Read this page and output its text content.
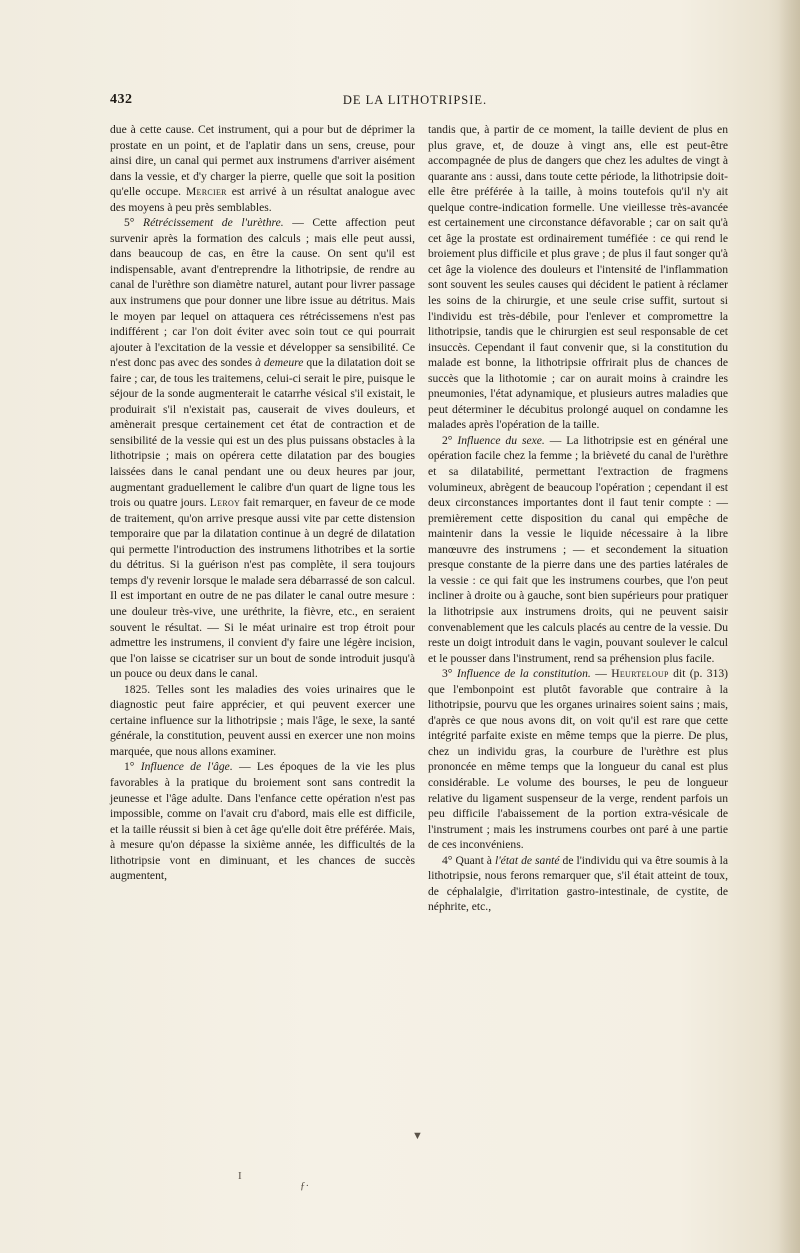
432	DE LA LITHOTRIPSIE.

due à cette cause. Cet instrument, qui a pour but de déprimer la prostate en un point, et de l'aplatir dans un sens, creuse, pour ainsi dire, un canal qui permet aux instrumens d'arriver aisément dans la vessie, et d'y charger la pierre, quelle que soit la position qu'elle occupe. Mercier est arrivé à un résultat analogue avec des moyens à peu près semblables.

5° Rétrécissement de l'urèthre. — Cette affection peut survenir après la formation des calculs ; mais elle peut aussi, dans beaucoup de cas, en être la cause. On sent qu'il est indispensable, avant d'entreprendre la lithotripsie, de rendre au canal de l'urèthre son diamètre naturel, autant pour livrer passage aux instrumens que pour donner une libre issue au détritus. Mais le moyen par lequel on attaquera ces rétrécissemens n'est pas indifférent ; car l'on doit éviter avec soin tout ce qui pourrait ajouter à l'excitation de la vessie et développer sa sensibilité. Ce n'est donc pas avec des sondes à demeure que la dilatation doit se faire ; car, de tous les traitemens, celui-ci serait le pire, puisque le séjour de la sonde augmenterait le catarrhe vésical s'il existait, le produirait s'il n'existait pas, causerait de vives douleurs, et amènerait presque certainement cet état de contraction et de sensibilité de la vessie qui est un des plus puissans obstacles à la lithotripsie ; mais on opérera cette dilatation par des bougies laissées dans le canal pendant une ou deux heures par jour, augmentant graduellement le calibre d'un quart de ligne tous les trois ou quatre jours. Leroy fait remarquer, en faveur de ce mode de traitement, qu'on arrive presque aussi vite par cette distension temporaire que par la dilatation continue à un degré de dilatation qui permette l'introduction des instrumens lithotribes et la sortie du détritus. Si la guérison n'est pas complète, il sera toujours temps d'y revenir lorsque le malade sera débarrassé de son calcul. Il est important en outre de ne pas dilater le canal outre mesure : une douleur très-vive, une uréthrite, la fièvre, etc., en seraient souvent le résultat. — Si le méat urinaire est trop étroit pour admettre les instrumens, il convient d'y faire une légère incision, que l'on laisse se cicatriser sur un bout de sonde introduit jusqu'à un pouce ou deux dans le canal.

1825. Telles sont les maladies des voies urinaires que le diagnostic peut faire apprécier, et qui peuvent exercer une certaine influence sur la lithotripsie ; mais l'âge, le sexe, la santé générale, la constitution, peuvent aussi en exercer une non moins marquée, que nous allons examiner.

1° Influence de l'âge. — Les époques de la vie les plus favorables à la pratique du broiement sont sans contredit la jeunesse et l'âge adulte. Dans l'enfance cette opération n'est pas impossible, comme on l'avait cru d'abord, mais elle est difficile, et la taille réussit si bien à cet âge qu'elle doit être préférée. Mais, à mesure qu'on dépasse la sixième année, les difficultés de la lithotripsie vont en diminuant, et les chances de succès augmentent,

tandis que, à partir de ce moment, la taille devient de plus en plus grave, et, de douze à vingt ans, elle est peut-être accompagnée de plus de dangers que chez les adultes de vingt à quarante ans : aussi, dans toute cette période, la lithotripsie doit-elle être préférée à la taille, à moins toutefois qu'il n'y ait quelque contre-indication formelle. Une vieillesse très-avancée est certainement une circonstance défavorable ; car on sait qu'à cet âge la prostate est ordinairement tuméfiée : ce qui rend le broiement plus difficile et plus grave ; de plus il faut songer qu'à cet âge la violence des douleurs et l'intensité de l'inflammation sont souvent les seules causes qui décident le patient à réclamer les soins de la chirurgie, et une seule crise suffit, surtout si l'individu est très-débile, pour l'enlever et compromettre la lithotripsie, tandis que le chirurgien est seul responsable de cet insuccès. Cependant il faut convenir que, si la constitution du malade est bonne, la lithotripsie offrirait plus de chances de succès que la lithotomie ; car on aurait moins à craindre les pneumonies, l'état adynamique, et plusieurs autres maladies que peut déterminer le décubitus prolongé auquel on condamne les malades après l'opération de la taille.

2° Influence du sexe. — La lithotripsie est en général une opération facile chez la femme ; la brièveté du canal de l'urèthre et sa dilatabilité, permettant l'extraction de fragmens volumineux, abrègent de beaucoup l'opération ; cependant il est deux circonstances importantes dont il faut tenir compte : — premièrement cette disposition du canal qui empêche de maintenir dans la vessie le liquide nécessaire à la libre manœuvre des instrumens ; — et secondement la situation presque constante de la pierre dans une des parties latérales de la vessie : ce qui fait que les instrumens courbes, que l'on peut incliner à droite ou à gauche, sont bien supérieurs pour pratiquer la lithotripsie aux instrumens droits, qui ne peuvent saisir convenablement que les calculs placés au centre de la vessie. Du reste un doigt introduit dans le vagin, pouvant soulever le calcul et le pousser dans l'instrument, rend sa préhension plus facile.

3° Influence de la constitution. — Heurteloup dit (p. 313) que l'embonpoint est plutôt favorable que contraire à la lithotripsie, pourvu que les organes urinaires soient sains ; mais, d'après ce que nous avons dit, on voit qu'il est rare que cette intégrité parfaite existe en même temps que la pierre. De plus, chez un individu gras, la courbure de l'urèthre est plus prononcée en même temps que la longueur du canal est plus considérable. Le volume des bourses, le peu de longueur relative du ligament suspenseur de la verge, rendent parfois un peu difficile l'abaissement de la portion extra-vésicale de l'instrument ; mais les instrumens courbes ont paré à une partie de ces inconvéniens.

4° Quant à l'état de santé de l'individu qui va être soumis à la lithotripsie, nous ferons remarquer que, s'il était atteint de toux, de céphalalgie, d'irritation gastro-intestinale, de cystite, de néphrite, etc.,

▼
I
ƒ·
